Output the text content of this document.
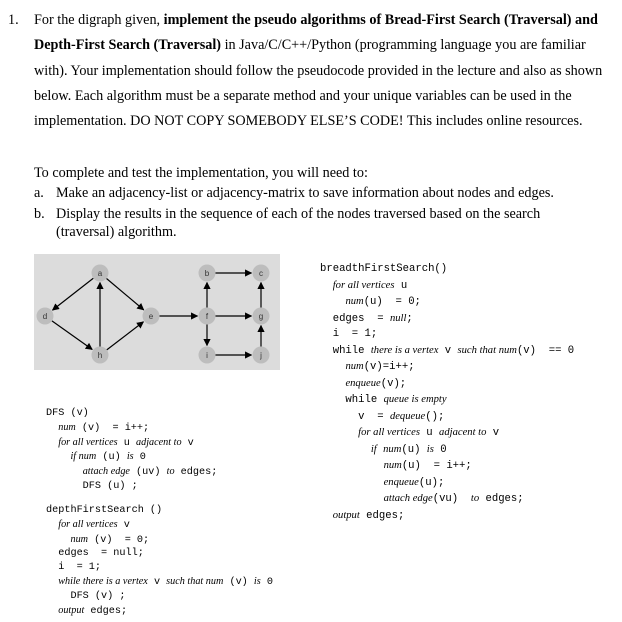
1. For the digraph given, implement the pseudo algorithms of Bread-First Search (Traversal) and Depth-First Search (Traversal) in Java/C/C++/Python (programming language you are familiar with). Your implementation should follow the pseudocode provided in the lecture and also as shown below. Each algorithm must be a separate method and your unique variables can be used in the implementation. DO NOT COPY SOMEBODY ELSE’S CODE! This includes online resources.
To complete and test the implementation, you will need to:
a. Make an adjacency-list or adjacency-matrix to save information about nodes and edges.
b. Display the results in the sequence of each of the nodes traversed based on the search (traversal) algorithm.
a	b	c
d	e	f	g
h	i	j
DFS (v)
num (v)  = i++;
for all vertices u adjacent to v
if num (u) is 0
attach edge (uv) to edges;
DFS (u) ;
depthFirstSearch ()
for all vertices v
num (v)  = 0;
edges  = null;
i  = 1;
while there is a vertex v such that num (v) is 0
DFS (v) ;
output edges;
breadthFirstSearch()
for all vertices u
num(u)  = 0;
edges  = null;
i  = 1;
while there is a vertex v such that num(v)  == 0
num(v)=i++;
enqueue(v);
while queue is empty
v  = dequeue();
for all vertices u adjacent to v
if num(u) is 0
num(u)  = i++;
enqueue(u);
attach edge(vu)  to edges;
output edges;
